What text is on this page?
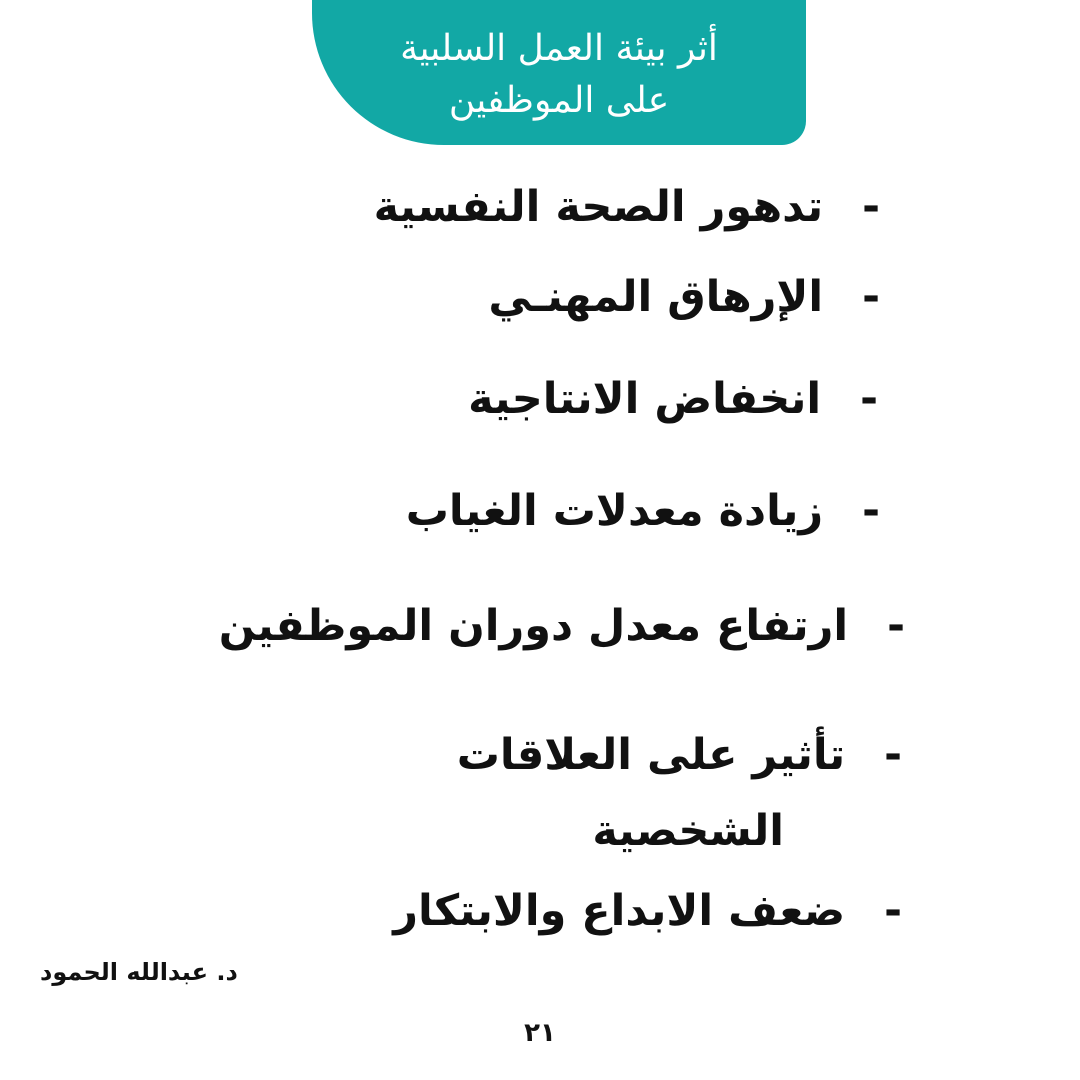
أثر بيئة العمل السلبية
على الموظفين
- تدهور الصحة النفسية
- الإرهاق المهنـي
- انخفاض الانتاجية
- زيادة معدلات الغياب
- ارتفاع معدل دوران الموظفين
- تأثير على العلاقات
الشخصية
- ضعف الابداع والابتكار
د. عبدالله الحمود
٢١
